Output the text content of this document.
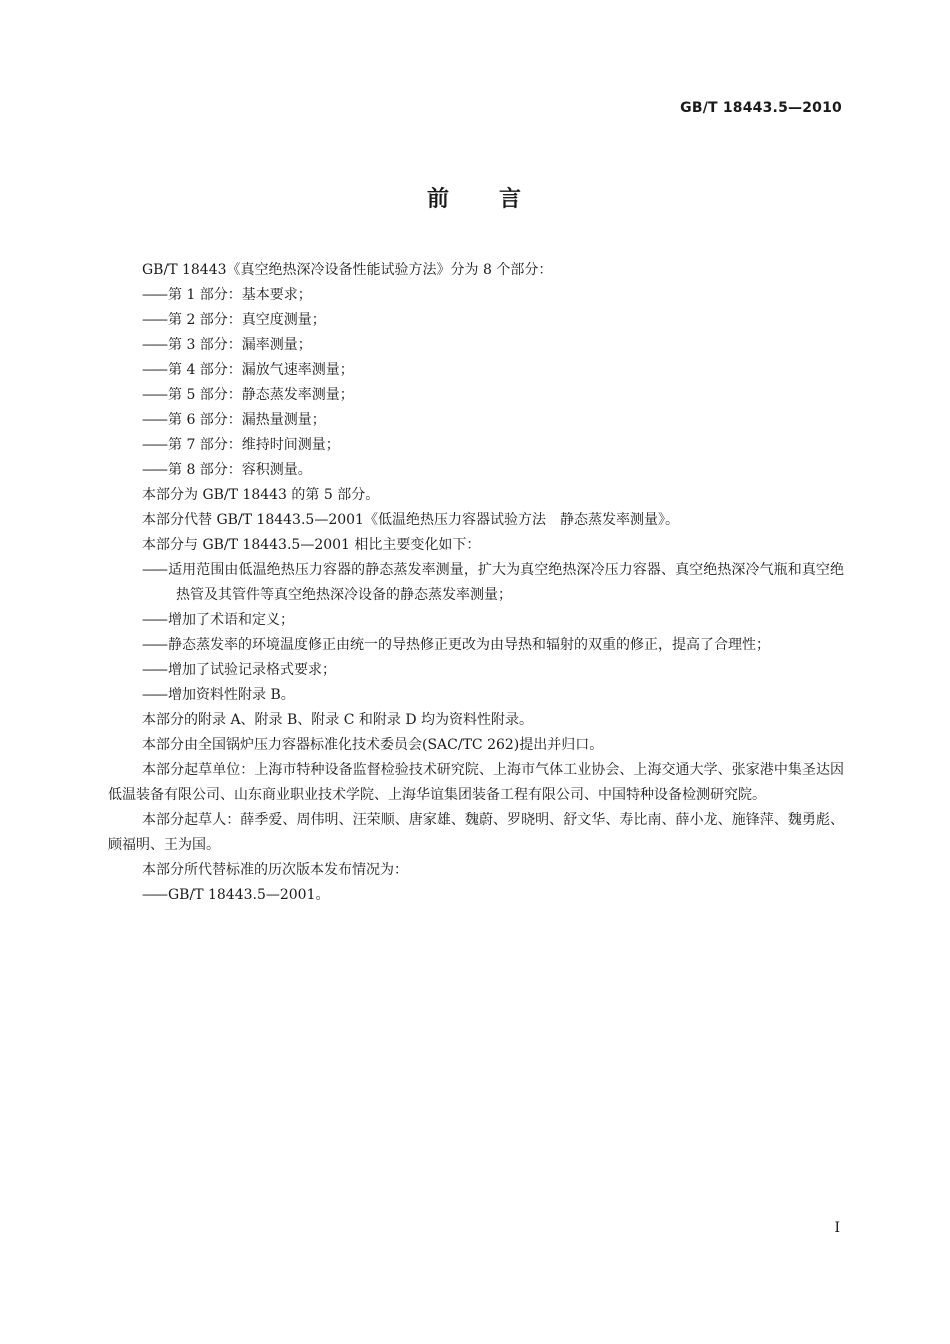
GB/T 18443.5—2010
前 言

GB/T 18443《真空绝热深冷设备性能试验方法》分为 8 个部分：

—— 第 1 部分：基本要求；

—— 第 2 部分：真空度测量；

—— 第 3 部分：漏率测量；

—— 第 4 部分：漏放气速率测量；

—— 第 5 部分：静态蒸发率测量；

—— 第 6 部分：漏热量测量；

—— 第 7 部分：维持时间测量；

—— 第 8 部分：容积测量。

本部分为 GB/T 18443 的第 5 部分。

本部分代替 GB/T 18443.5—2001《低温绝热压力容器试验方法　静态蒸发率测量》。

本部分与 GB/T 18443.5—2001 相比主要变化如下：

—— 适用范围由低温绝热压力容器的静态蒸发率测量，扩大为真空绝热深冷压力容器、真空绝热深冷气瓶和真空绝热管及其管件等真空绝热深冷设备的静态蒸发率测量；

—— 增加了术语和定义；

—— 静态蒸发率的环境温度修正由统一的导热修正更改为由导热和辐射的双重的修正，提高了合理性；

—— 增加了试验记录格式要求；

—— 增加资料性附录 B。

本部分的附录 A、附录 B、附录 C 和附录 D 均为资料性附录。

本部分由全国锅炉压力容器标准化技术委员会(SAC/TC 262)提出并归口。

本部分起草单位：上海市特种设备监督检验技术研究院、上海市气体工业协会、上海交通大学、张家港中集圣达因低温装备有限公司、山东商业职业技术学院、上海华谊集团装备工程有限公司、中国特种设备检测研究院。

本部分起草人：薛季爱、周伟明、汪荣顺、唐家雄、魏蔚、罗晓明、舒文华、寿比南、薛小龙、施锋萍、魏勇彪、顾福明、王为国。

本部分所代替标准的历次版本发布情况为：

—— GB/T 18443.5—2001。

I
